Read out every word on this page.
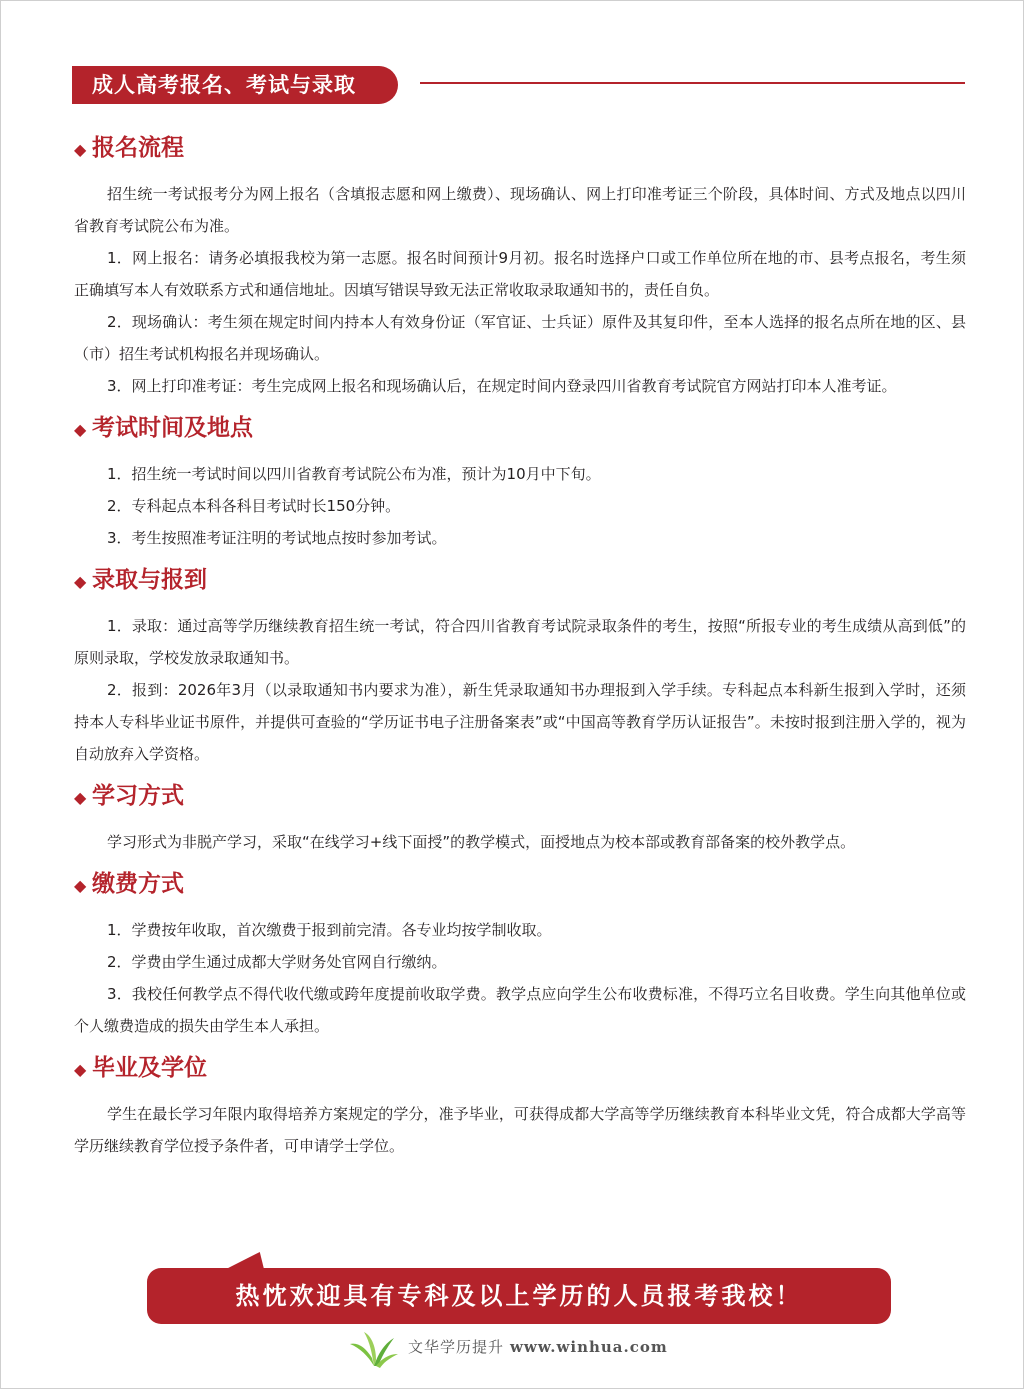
成人高考报名、考试与录取
◆ 报名流程

招生统一考试报考分为网上报名（含填报志愿和网上缴费）、现场确认、网上打印准考证三个阶段，具体时间、方式及地点以四川省教育考试院公布为准。

1．网上报名：请务必填报我校为第一志愿。报名时间预计9月初。报名时选择户口或工作单位所在地的市、县考点报名，考生须正确填写本人有效联系方式和通信地址。因填写错误导致无法正常收取录取通知书的，责任自负。

2．现场确认：考生须在规定时间内持本人有效身份证（军官证、士兵证）原件及其复印件，至本人选择的报名点所在地的区、县（市）招生考试机构报名并现场确认。

3．网上打印准考证：考生完成网上报名和现场确认后，在规定时间内登录四川省教育考试院官方网站打印本人准考证。

◆ 考试时间及地点

1．招生统一考试时间以四川省教育考试院公布为准，预计为10月中下旬。

2．专科起点本科各科目考试时长150分钟。

3．考生按照准考证注明的考试地点按时参加考试。

◆ 录取与报到

1．录取：通过高等学历继续教育招生统一考试，符合四川省教育考试院录取条件的考生，按照“所报专业的考生成绩从高到低”的原则录取，学校发放录取通知书。

2．报到：2026年3月（以录取通知书内要求为准），新生凭录取通知书办理报到入学手续。专科起点本科新生报到入学时，还须持本人专科毕业证书原件，并提供可查验的“学历证书电子注册备案表”或“中国高等教育学历认证报告”。未按时报到注册入学的，视为自动放弃入学资格。

◆ 学习方式

学习形式为非脱产学习，采取“在线学习+线下面授”的教学模式，面授地点为校本部或教育部备案的校外教学点。

◆ 缴费方式

1．学费按年收取，首次缴费于报到前完清。各专业均按学制收取。

2．学费由学生通过成都大学财务处官网自行缴纳。

3．我校任何教学点不得代收代缴或跨年度提前收取学费。教学点应向学生公布收费标准，不得巧立名目收费。学生向其他单位或个人缴费造成的损失由学生本人承担。

◆ 毕业及学位

学生在最长学习年限内取得培养方案规定的学分，准予毕业，可获得成都大学高等学历继续教育本科毕业文凭，符合成都大学高等学历继续教育学位授予条件者，可申请学士学位。

热忱欢迎具有专科及以上学历的人员报考我校！
文华学历提升 www.winhua.com
